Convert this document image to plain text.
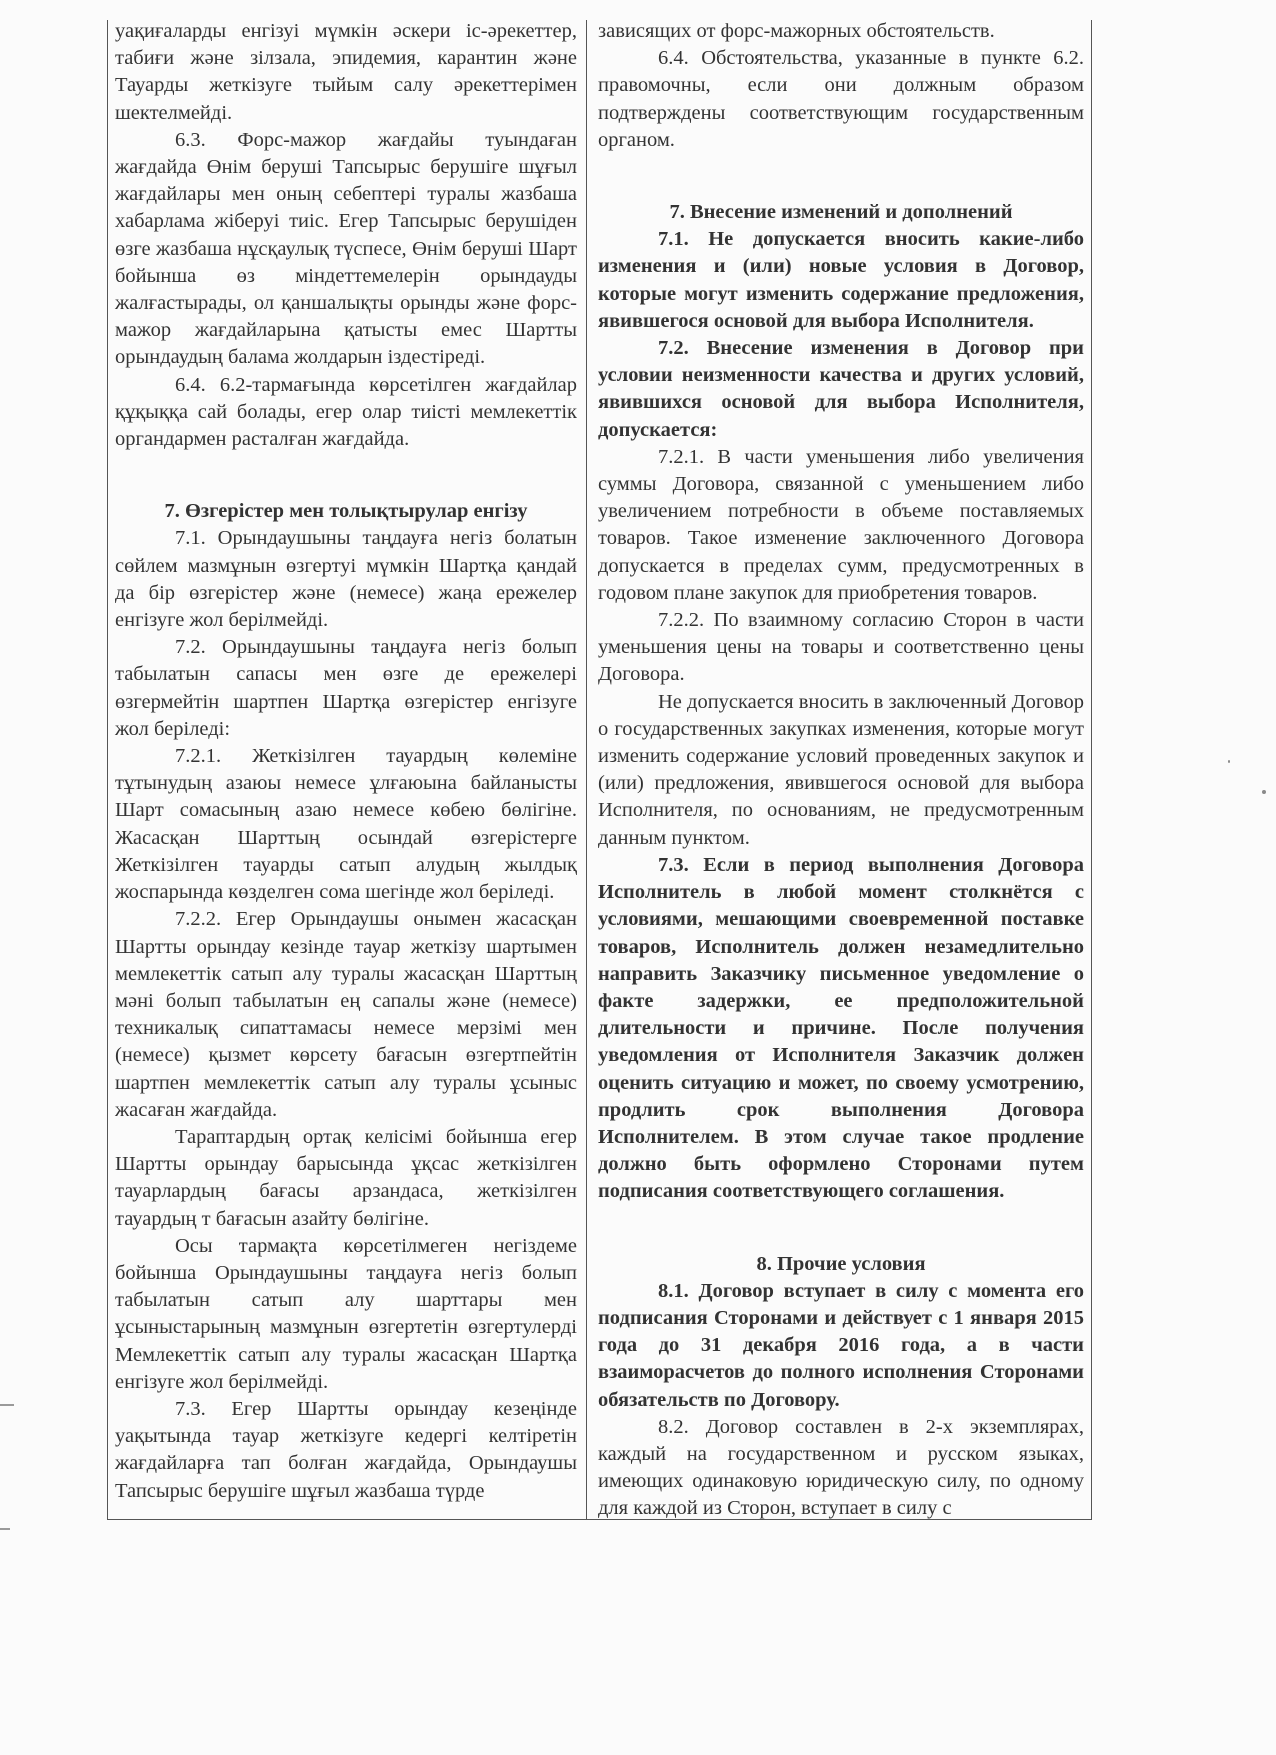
уақиғаларды енгізуі мүмкін әскери іс-әрекеттер, табиғи және зілзала, эпидемия, карантин және Тауарды жеткізуге тыйым салу әрекеттерімен шектелмейді.

6.3. Форс-мажор жағдайы туындаған жағдайда Өнім беруші Тапсырыс берушіге шұғыл жағдайлары мен оның себептері туралы жазбаша хабарлама жіберуі тиіс. Егер Тапсырыс берушіден өзге жазбаша нұсқаулық түспесе, Өнім беруші Шарт бойынша өз міндеттемелерін орындауды жалғастырады, ол қаншалықты орынды және форс-мажор жағдайларына қатысты емес Шартты орындаудың балама жолдарын іздестіреді.

6.4. 6.2-тармағында көрсетілген жағдайлар құқыққа сай болады, егер олар тиісті мемлекеттік органдармен расталған жағдайда.

7. Өзгерістер мен толықтырулар енгізу

7.1. Орындаушыны таңдауға негіз болатын сөйлем мазмұнын өзгертуі мүмкін Шартқа қандай да бір өзгерістер және (немесе) жаңа ережелер енгізуге жол берілмейді.

7.2. Орындаушыны таңдауға негіз болып табылатын сапасы мен өзге де ережелері өзгермейтін шартпен Шартқа өзгерістер енгізуге жол беріледі:

7.2.1. Жеткізілген тауардың көлеміне тұтынудың азаюы немесе ұлғаюына байланысты Шарт сомасының азаю немесе көбею бөлігіне. Жасасқан Шарттың осындай өзгерістерге Жеткізілген тауарды сатып алудың жылдық жоспарында көзделген сома шегінде жол беріледі.

7.2.2. Егер Орындаушы онымен жасасқан Шартты орындау кезінде тауар жеткізу шартымен мемлекеттік сатып алу туралы жасасқан Шарттың мәні болып табылатын ең сапалы және (немесе) техникалық сипаттамасы немесе мерзімі мен (немесе) қызмет көрсету бағасын өзгертпейтін шартпен мемлекеттік сатып алу туралы ұсыныс жасаған жағдайда.

Тараптардың ортақ келісімі бойынша егер Шартты орындау барысында ұқсас жеткізілген тауарлардың бағасы арзандаса, жеткізілген тауардың т бағасын азайту бөлігіне.

Осы тармақта көрсетілмеген негіздеме бойынша Орындаушыны таңдауға негіз болып табылатын сатып алу шарттары мен ұсыныстарының мазмұнын өзгертетін өзгертулерді Мемлекеттік сатып алу туралы жасасқан Шартқа енгізуге жол берілмейді.

7.3. Егер Шартты орындау кезеңінде уақытында тауар жеткізуге кедергі келтіретін жағдайларға тап болған жағдайда, Орындаушы Тапсырыс берушіге шұғыл жазбаша түрде

зависящих от форс-мажорных обстоятельств.

6.4. Обстоятельства, указанные в пункте 6.2. правомочны, если они должным образом подтверждены соответствующим государственным органом.

7. Внесение изменений и дополнений

7.1. Не допускается вносить какие-либо изменения и (или) новые условия в Договор, которые могут изменить содержание предложения, явившегося основой для выбора Исполнителя.

7.2. Внесение изменения в Договор при условии неизменности качества и других условий, явившихся основой для выбора Исполнителя, допускается:

7.2.1. В части уменьшения либо увеличения суммы Договора, связанной с уменьшением либо увеличением потребности в объеме поставляемых товаров. Такое изменение заключенного Договора допускается в пределах сумм, предусмотренных в годовом плане закупок для приобретения товаров.

7.2.2. По взаимному согласию Сторон в части уменьшения цены на товары и соответственно цены Договора.

Не допускается вносить в заключенный Договор о государственных закупках изменения, которые могут изменить содержание условий проведенных закупок и (или) предложения, явившегося основой для выбора Исполнителя, по основаниям, не предусмотренным данным пунктом.

7.3. Если в период выполнения Договора Исполнитель в любой момент столкнётся с условиями, мешающими своевременной поставке товаров, Исполнитель должен незамедлительно направить Заказчику письменное уведомление о факте задержки, ее предположительной длительности и причине. После получения уведомления от Исполнителя Заказчик должен оценить ситуацию и может, по своему усмотрению, продлить срок выполнения Договора Исполнителем. В этом случае такое продление должно быть оформлено Сторонами путем подписания соответствующего соглашения.

8. Прочие условия

8.1. Договор вступает в силу с момента его подписания Сторонами и действует с 1 января 2015 года до 31 декабря 2016 года, а в части взаиморасчетов до полного исполнения Сторонами обязательств по Договору.

8.2. Договор составлен в 2-х экземплярах, каждый на государственном и русском языках, имеющих одинаковую юридическую силу, по одному для каждой из Сторон, вступает в силу с
